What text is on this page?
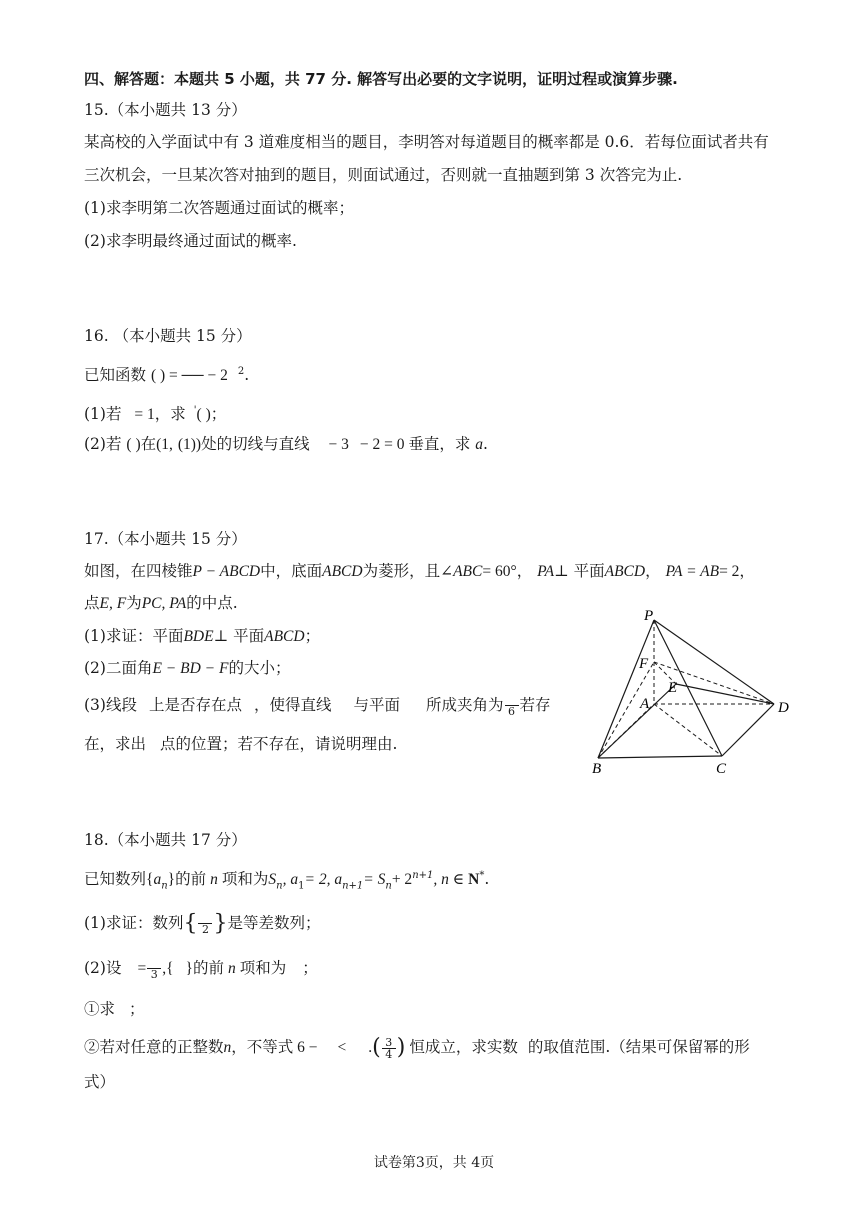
四、解答题：本题共 5 小题，共 77 分. 解答写出必要的文字说明，证明过程或演算步骤.
15.（本小题共 13 分）
某高校的入学面试中有 3 道难度相当的题目，李明答对每道题目的概率都是 0.6．若每位面试者共有
三次机会，一旦某次答对抽到的题目，则面试通过，否则就一直抽题到第 3 次答完为止.
(1)求李明第二次答题通过面试的概率；
(2)求李明最终通过面试的概率.
16. （本小题共 15 分）
已知函数 ( ) = ── − 2 $^2$.
(1)若 = 1，求 '( )；
(2)若 ( )在(1, (1))处的切线与直线 − 3 − 2 = 0 垂直，求 a.
17.（本小题共 15 分）
如图，在四棱锥P − ABCD中，底面ABCD为菱形，且∠ABC= 60°， PA⊥ 平面ABCD， PA = AB= 2，
点E, F为PC, PA的中点.
(1)求证：平面BDE⊥ 平面ABCD；
(2)二面角E − BD − F的大小；
(3)线段 上是否存在点 ，使得直线 与平面 所成夹角为 6 若存
在，求出 点的位置；若不存在，请说明理由.
P
F
E
A	D
B	C
18.（本小题共 17 分）
已知数列$\{a_n\}$的前 n 项和为$S_n$, $a_1= 2$, $a_{n+1}= S_n+ 2^{n+1}$, n ∈ N*.
(1)求证：数列{ 2 }是等差数列；
(2)设 = 3 ,{ }的前 n 项和为 ；
①求 ；
②若对任意的正整数n，不等式 6 − < .( $\frac{3}{4}$ ) 恒成立，求实数 的取值范围.（结果可保留幂的形
式）
试卷第3页，共 4页
